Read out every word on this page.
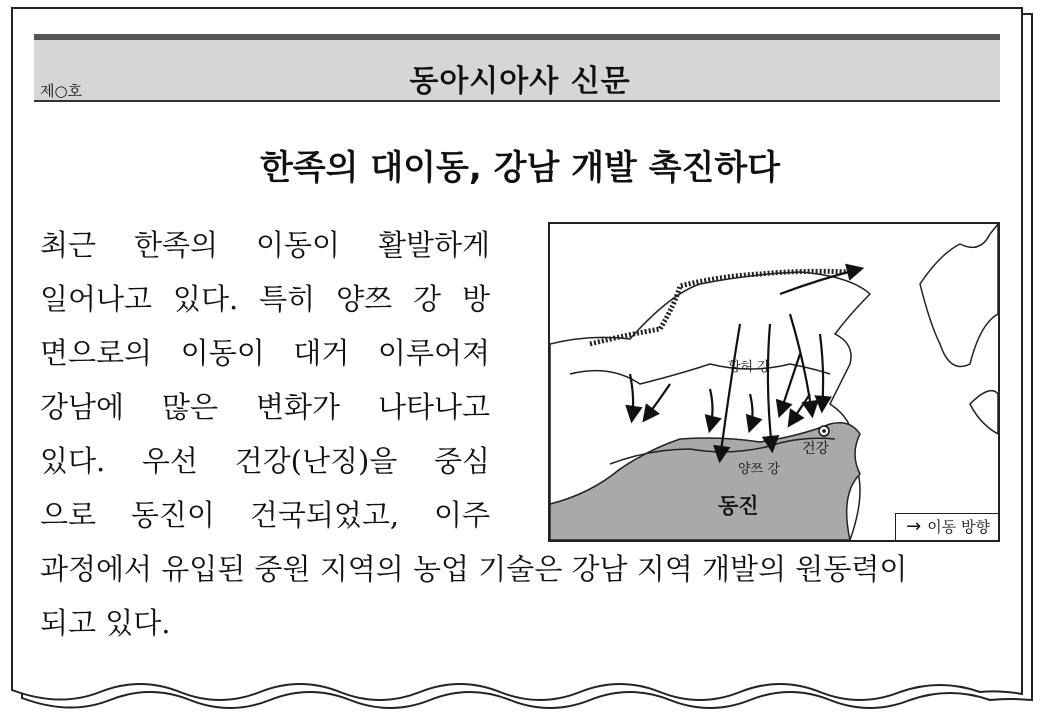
제○호	동아시아사 신문
한족의 대이동, 강남 개발 촉진하다
최근 한족의 이동이 활발하게
일어나고 있다. 특히 양쯔 강 방
면으로의 이동이 대거 이루어져
강남에 많은 변화가 나타나고
있다. 우선 건강(난징)을 중심
으로 동진이 건국되었고, 이주
과정에서 유입된 중원 지역의 농업 기술은 강남 지역 개발의 원동력이
되고 있다.
황허 강
양쯔 강
건강
동진
→ 이동 방향
